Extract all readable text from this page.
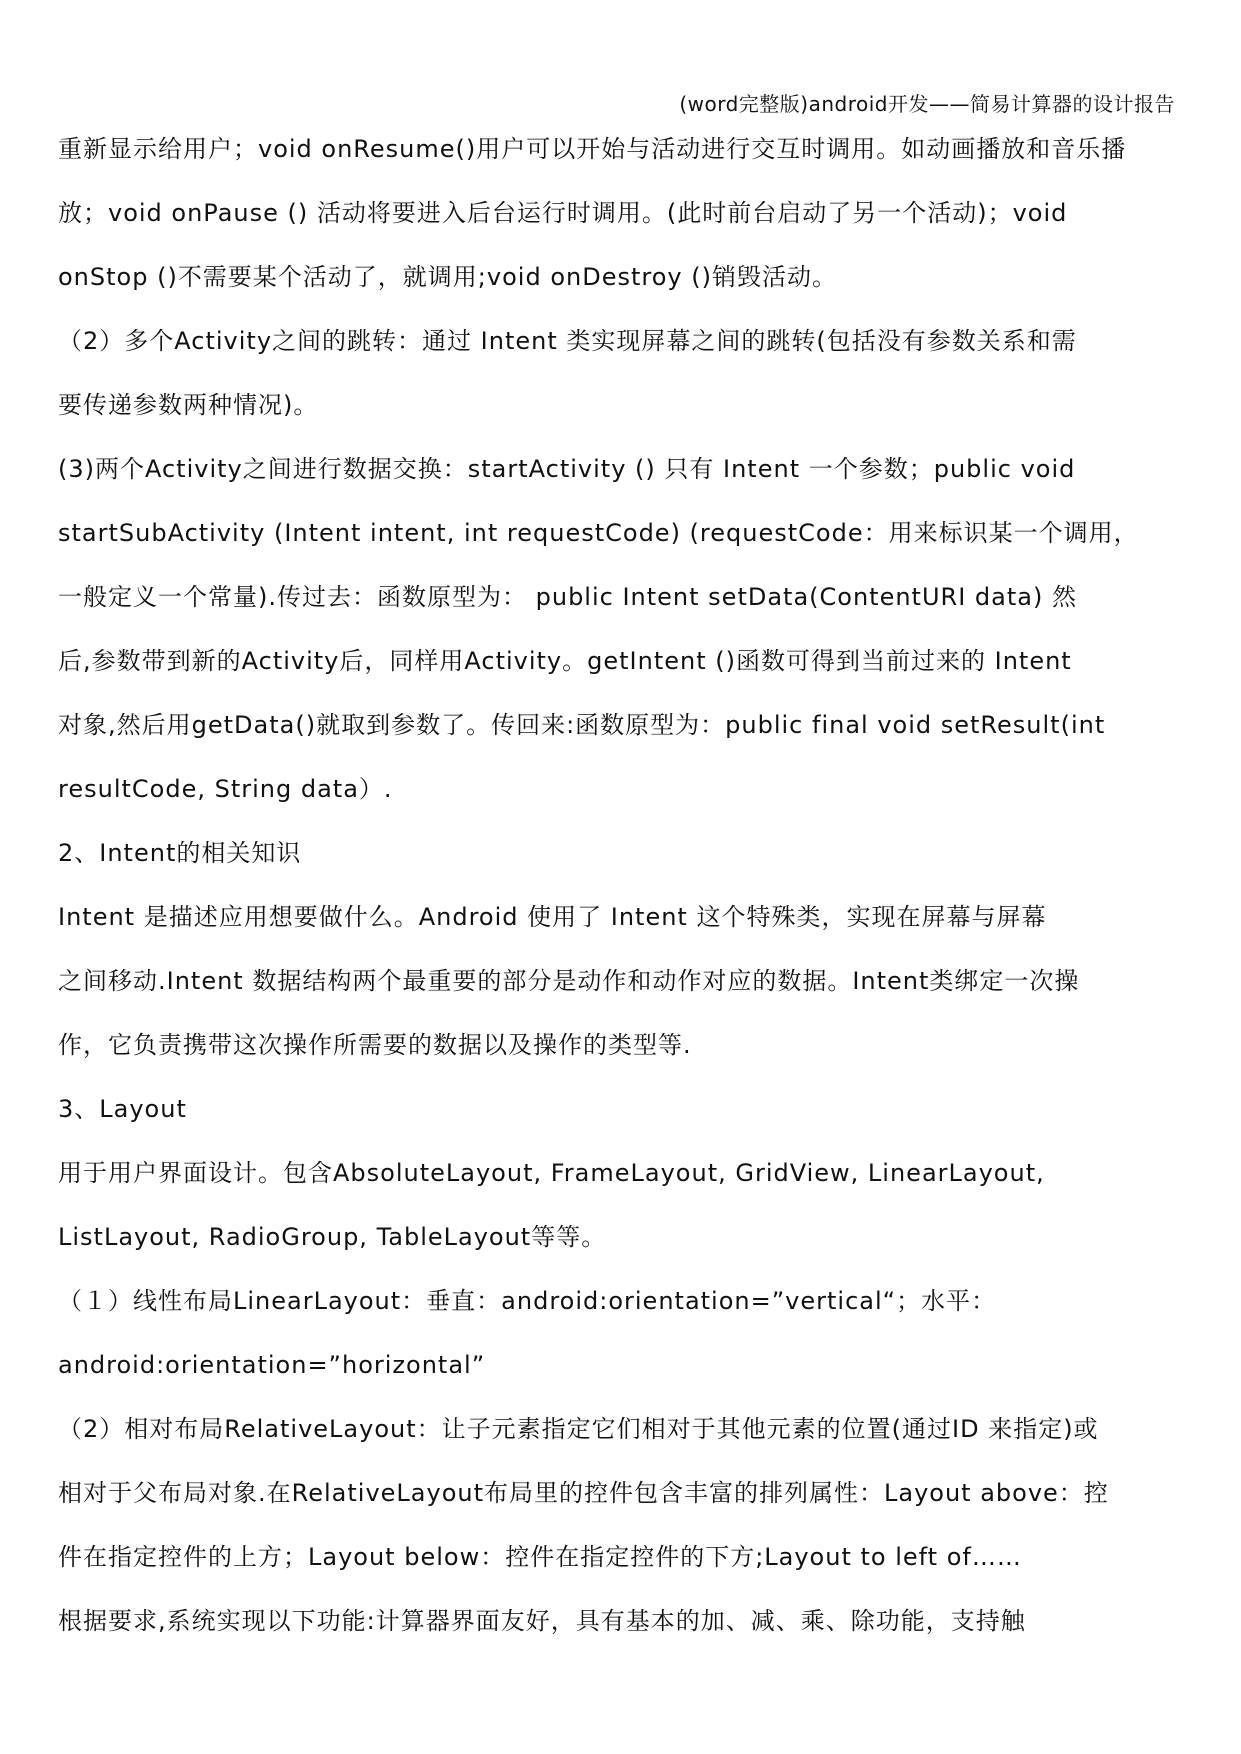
(word完整版)android开发——简易计算器的设计报告
重新显示给用户；void onResume()用户可以开始与活动进行交互时调用。如动画播放和音乐播
放；void onPause () 活动将要进入后台运行时调用。(此时前台启动了另一个活动)；void
onStop ()不需要某个活动了，就调用;void onDestroy ()销毁活动。
（2）多个Activity之间的跳转：通过 Intent 类实现屏幕之间的跳转(包括没有参数关系和需
要传递参数两种情况)。
(3)两个Activity之间进行数据交换：startActivity () 只有 Intent 一个参数；public void
startSubActivity (Intent intent, int requestCode) (requestCode：用来标识某一个调用，
一般定义一个常量).传过去：函数原型为： public Intent setData(ContentURI data) 然
后,参数带到新的Activity后，同样用Activity。getIntent ()函数可得到当前过来的 Intent
对象,然后用getData()就取到参数了。传回来:函数原型为：public final void setResult(int
resultCode, String data）.
2、Intent的相关知识
Intent 是描述应用想要做什么。Android 使用了 Intent 这个特殊类，实现在屏幕与屏幕
之间移动.Intent 数据结构两个最重要的部分是动作和动作对应的数据。Intent类绑定一次操
作，它负责携带这次操作所需要的数据以及操作的类型等.
3、Layout
用于用户界面设计。包含AbsoluteLayout, FrameLayout, GridView, LinearLayout,
ListLayout, RadioGroup, TableLayout等等。
（１）线性布局LinearLayout：垂直：android:orientation=”vertical“；水平：
android:orientation=”horizontal”
（2）相对布局RelativeLayout：让子元素指定它们相对于其他元素的位置(通过ID 来指定)或
相对于父布局对象.在RelativeLayout布局里的控件包含丰富的排列属性：Layout above：控
件在指定控件的上方；Layout below：控件在指定控件的下方;Layout to left of……
根据要求,系统实现以下功能:计算器界面友好，具有基本的加、减、乘、除功能，支持触
